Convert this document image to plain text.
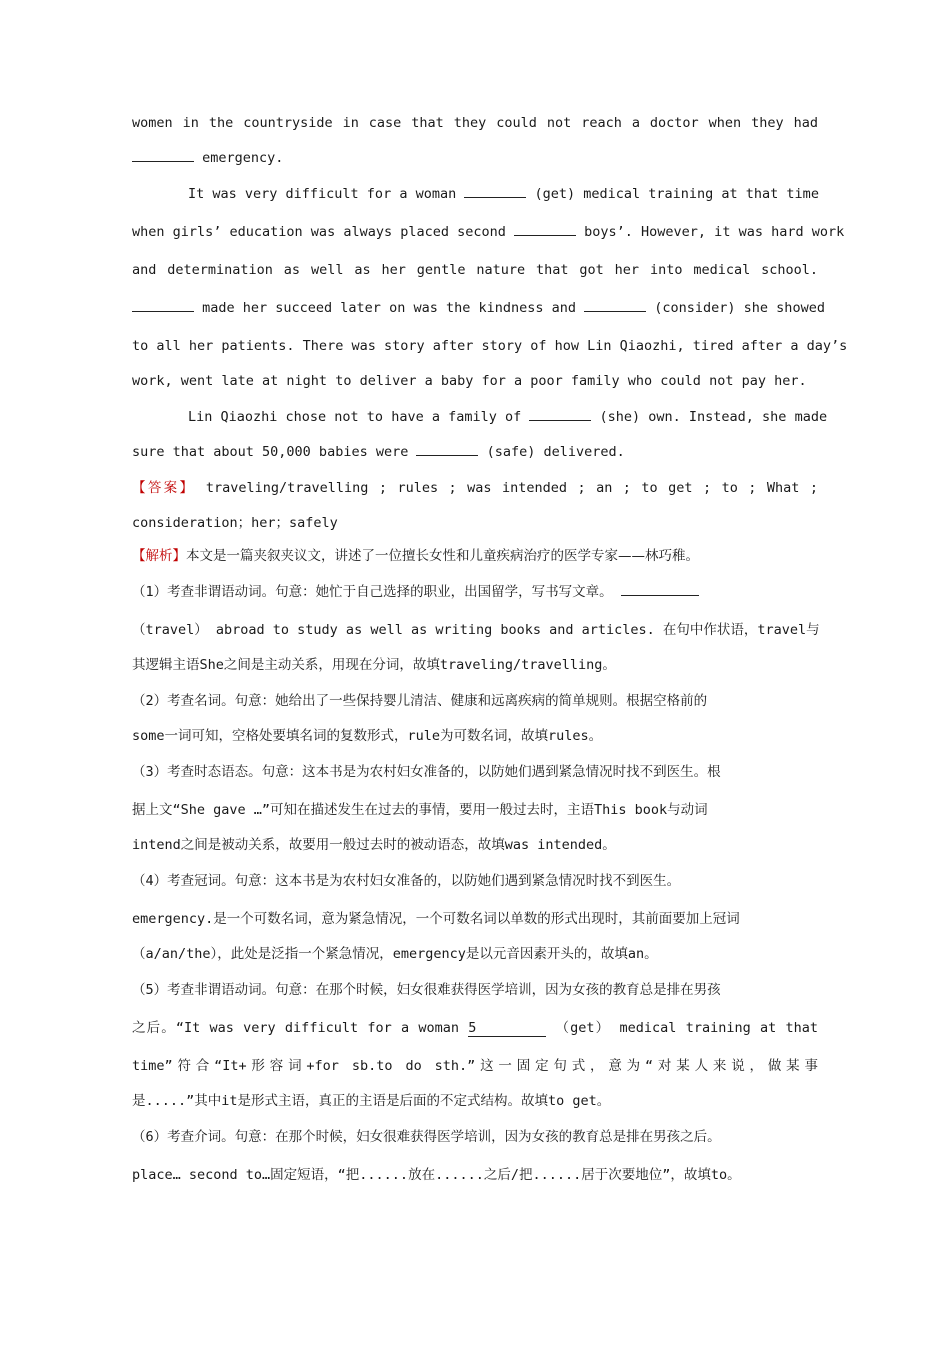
women in the countryside in case that they could not reach a doctor when they had
emergency.
It was very difficult for a woman	(get) medical training at that time
when girls’ education was always placed second	boys’. However, it was hard work
and determination as well as her gentle nature that got her into medical school.
made her succeed later on was the kindness and	(consider) she showed
to all her patients. There was story after story of how Lin Qiaozhi, tired after a day’s
work, went late at night to deliver a baby for a poor family who could not pay her.
Lin Qiaozhi chose not to have a family of	(she) own. Instead, she made
sure that about 50,000 babies were	(safe) delivered.
【答案】 traveling/travelling ; rules ; was intended ; an ; to get ; to ; What ;
consideration；her；safely
【解析】本文是一篇夹叙夹议文，讲述了一位擅长女性和儿童疾病治疗的医学专家——林巧稚。
（1）考查非谓语动词。句意：她忙于自己选择的职业，出国留学，写书写文章。
（travel） abroad to study as well as writing books and articles. 在句中作状语，travel与
其逻辑主语She之间是主动关系，用现在分词，故填traveling/travelling。
（2）考查名词。句意：她给出了一些保持婴儿清洁、健康和远离疾病的简单规则。根据空格前的
some一词可知，空格处要填名词的复数形式，rule为可数名词，故填rules。
（3）考查时态语态。句意：这本书是为农村妇女准备的，以防她们遇到紧急情况时找不到医生。根
据上文“She gave …”可知在描述发生在过去的事情，要用一般过去时，主语This book与动词
intend之间是被动关系，故要用一般过去时的被动语态，故填was intended。
（4）考查冠词。句意：这本书是为农村妇女准备的，以防她们遇到紧急情况时找不到医生。
emergency.是一个可数名词，意为紧急情况，一个可数名词以单数的形式出现时，其前面要加上冠词
（a/an/the），此处是泛指一个紧急情况，emergency是以元音因素开头的，故填an。
（5）考查非谓语动词。句意：在那个时候，妇女很难获得医学培训，因为女孩的教育总是排在男孩
之后。“It was very difficult for a woman 5	（get） medical training at that
time”符合“It+形容词+for sb.to do sth.”这一固定句式，意为“对某人来说，做某事
是.....”其中it是形式主语，真正的主语是后面的不定式结构。故填to get。
（6）考查介词。句意：在那个时候，妇女很难获得医学培训，因为女孩的教育总是排在男孩之后。
place… second to…固定短语，“把......放在......之后/把......居于次要地位”，故填to。
